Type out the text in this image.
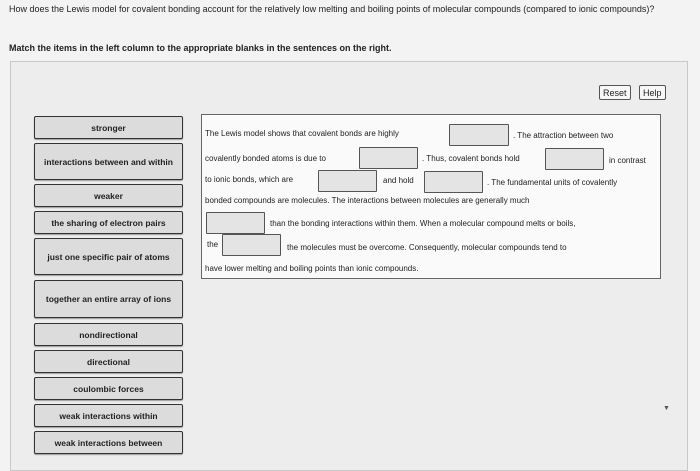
How does the Lewis model for covalent bonding account for the relatively low melting and boiling points of molecular compounds (compared to ionic compounds)?
Match the items in the left column to the appropriate blanks in the sentences on the right.
Reset	Help
stronger
interactions between and within
weaker
the sharing of electron pairs
just one specific pair of atoms
together an entire array of ions
nondirectional
directional
coulombic forces
weak interactions within
weak interactions between
The Lewis model shows that covalent bonds are highly	. The attraction between two
covalently bonded atoms is due to	. Thus, covalent bonds hold	in contrast
to ionic bonds, which are	and hold	. The fundamental units of covalently
bonded compounds are molecules. The interactions between molecules are generally much
than the bonding interactions within them. When a molecular compound melts or boils,
the	the molecules must be overcome. Consequently, molecular compounds tend to
have lower melting and boiling points than ionic compounds.
▼
